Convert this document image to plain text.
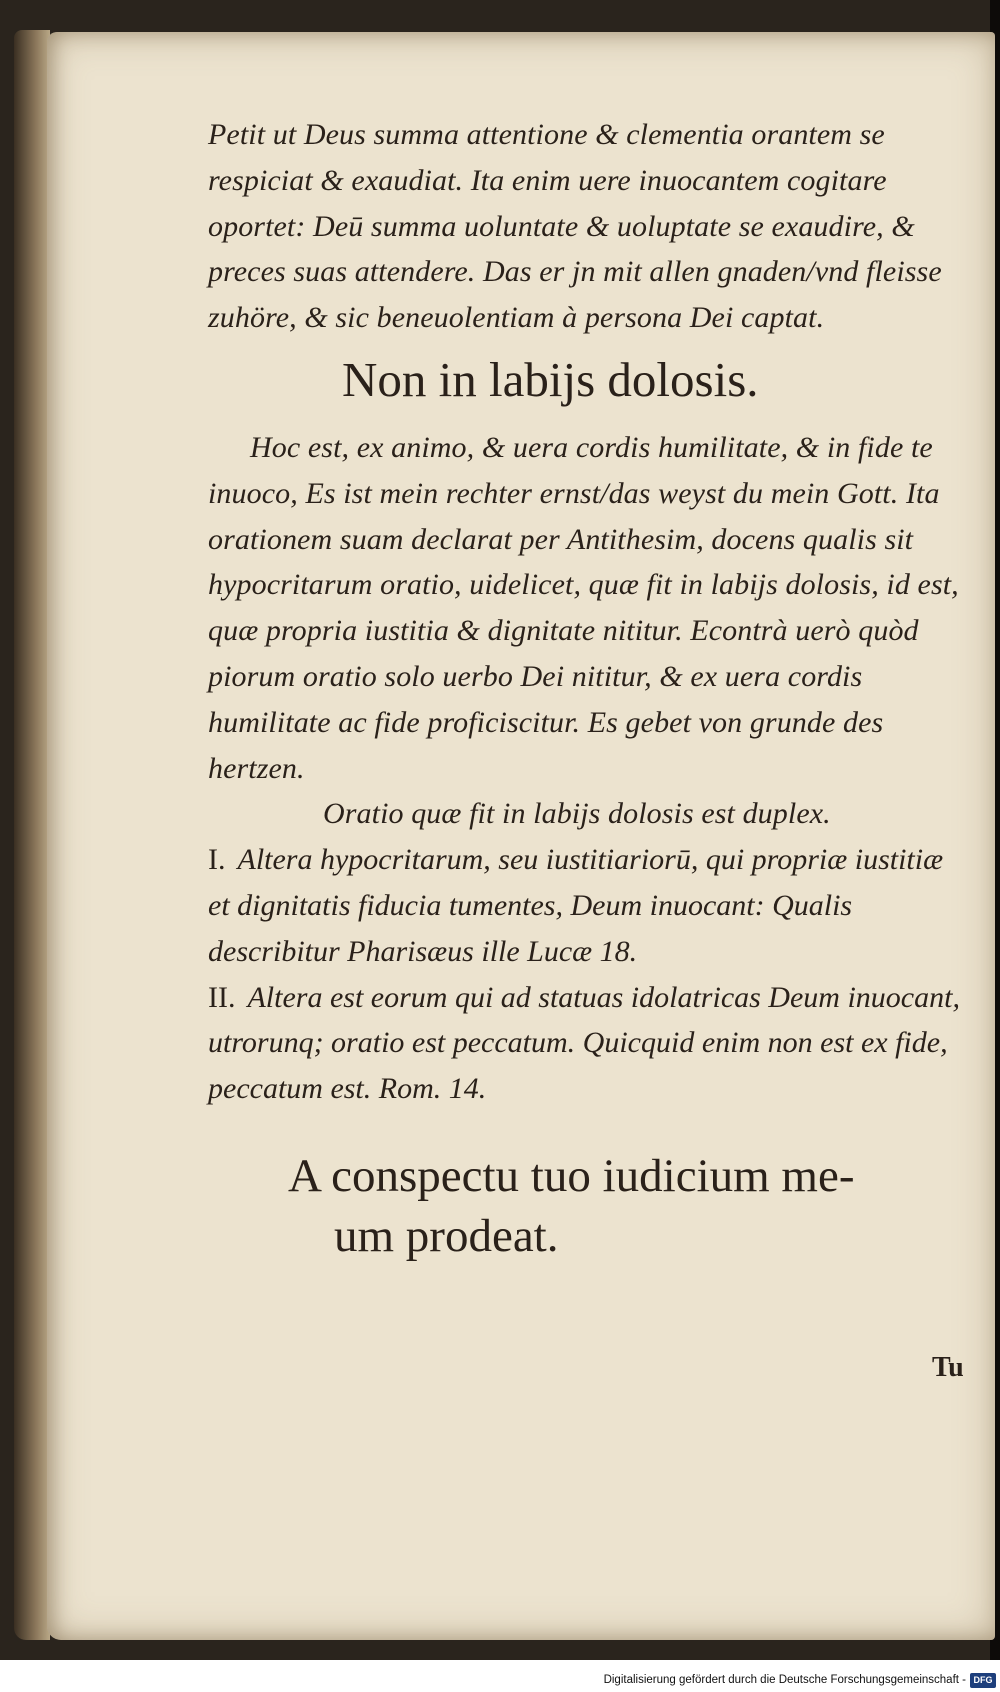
Petit ut Deus summa attentione & clementia orantem se respiciat & exaudiat. Ita enim uere inuocantem cogitare oportet: Deū summa uoluntate & uoluptate se exaudire, & preces suas attendere. Das er jn mit allen gnaden/vnd fleisse zuhöre, & sic beneuolentiam à persona Dei captat.

Non in labijs dolosis.

Hoc est, ex animo, & uera cordis humilitate, & in fide te inuoco, Es ist mein rechter ernst/das weyst du mein Gott. Ita orationem suam declarat per Antithesim, docens qualis sit hypocritarum oratio, uidelicet, quæ fit in labijs dolosis, id est, quæ propria iustitia & dignitate nititur. Econtrà uerò quòd piorum oratio solo uerbo Dei nititur, & ex uera cordis humilitate ac fide proficiscitur. Es gebet von grunde des hertzen.

Oratio quæ fit in labijs dolosis est duplex.

I. Altera hypocritarum, seu iustitiariorū, qui propriæ iustitiæ et dignitatis fiducia tumentes, Deum inuocant: Qualis describitur Pharisæus ille Lucæ 18.

II. Altera est eorum qui ad statuas idolatricas Deum inuocant, utrorunq; oratio est peccatum. Quicquid enim non est ex fide, peccatum est. Rom. 14.

A conspectu tuo iudicium me-
um prodeat.
Tu
Digitalisierung gefördert durch die Deutsche Forschungsgemeinschaft - DFG
